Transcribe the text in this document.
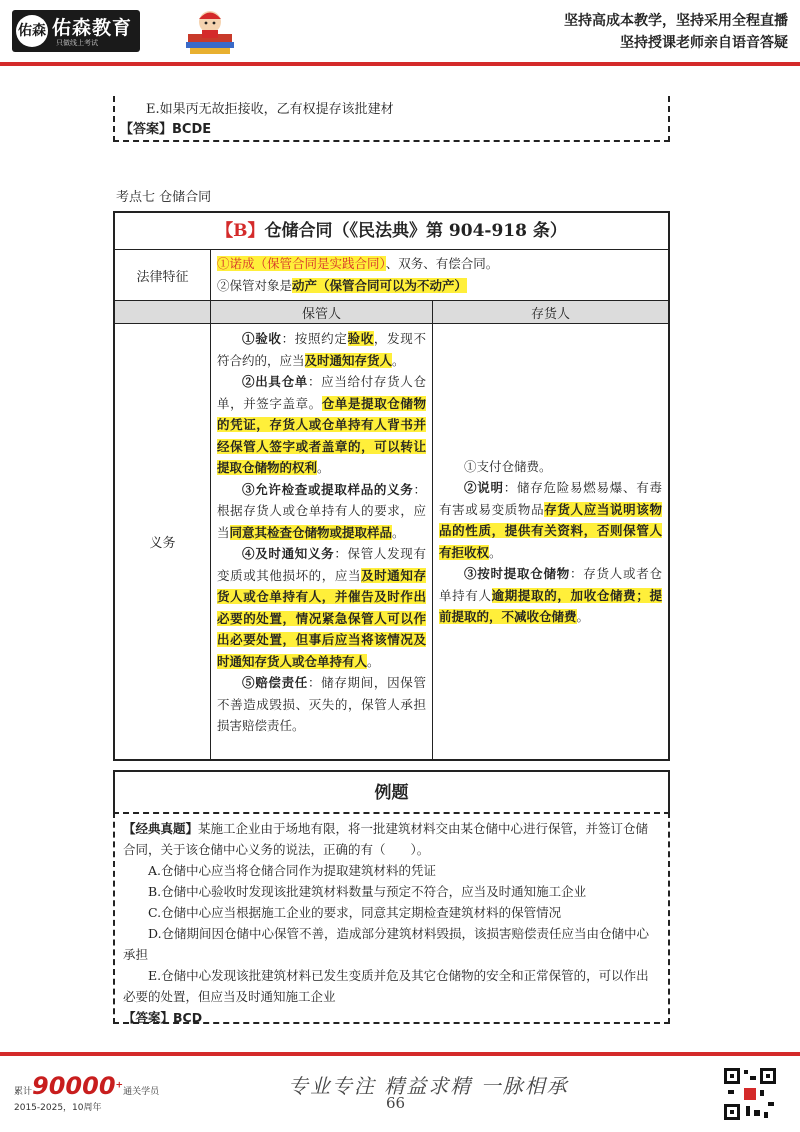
佑森 佑森教育
只做线上考试
坚持高成本教学，坚持采用全程直播
坚持授课老师亲自语音答疑
E.如果丙无故拒接收，乙有权提存该批建材
【答案】BCDE
考点七 仓储合同
【B】仓储合同（《民法典》第 904-918 条）
法律特征
①诺成（保管合同是实践合同）、双务、有偿合同。
②保管对象是动产（保管合同可以为不动产）
保管人	存货人
义务
①验收：按照约定验收，发现不符合约的，应当及时通知存货人。
②出具仓单：应当给付存货人仓单，并签字盖章。仓单是提取仓储物的凭证，存货人或仓单持有人背书并经保管人签字或者盖章的，可以转让提取仓储物的权利。
③允许检查或提取样品的义务：根据存货人或仓单持有人的要求，应当同意其检查仓储物或提取样品。
④及时通知义务：保管人发现有变质或其他损坏的，应当及时通知存货人或仓单持有人，并催告及时作出必要的处置，情况紧急保管人可以作出必要处置，但事后应当将该情况及时通知存货人或仓单持有人。
⑤赔偿责任：储存期间，因保管不善造成毁损、灭失的，保管人承担损害赔偿责任。
①支付仓储费。
②说明：储存危险易燃易爆、有毒有害或易变质物品存货人应当说明该物品的性质，提供有关资料，否则保管人有拒收权。
③按时提取仓储物：存货人或者仓单持有人逾期提取的，加收仓储费；提前提取的，不减收仓储费。
例题
【经典真题】某施工企业由于场地有限，将一批建筑材料交由某仓储中心进行保管，并签订仓储合同，关于该仓储中心义务的说法，正确的有（　　）。
A.仓储中心应当将仓储合同作为提取建筑材料的凭证
B.仓储中心验收时发现该批建筑材料数量与预定不符合，应当及时通知施工企业
C.仓储中心应当根据施工企业的要求，同意其定期检查建筑材料的保管情况
D.仓储期间因仓储中心保管不善，造成部分建筑材料毁损，该损害赔偿责任应当由仓储中心承担
E.仓储中心发现该批建筑材料已发生变质并危及其它仓储物的安全和正常保管的，可以作出必要的处置，但应当及时通知施工企业
【答案】BCD
累计90000+通关学员
2015-2025，10周年
专业专注 精益求精 一脉相承
66
